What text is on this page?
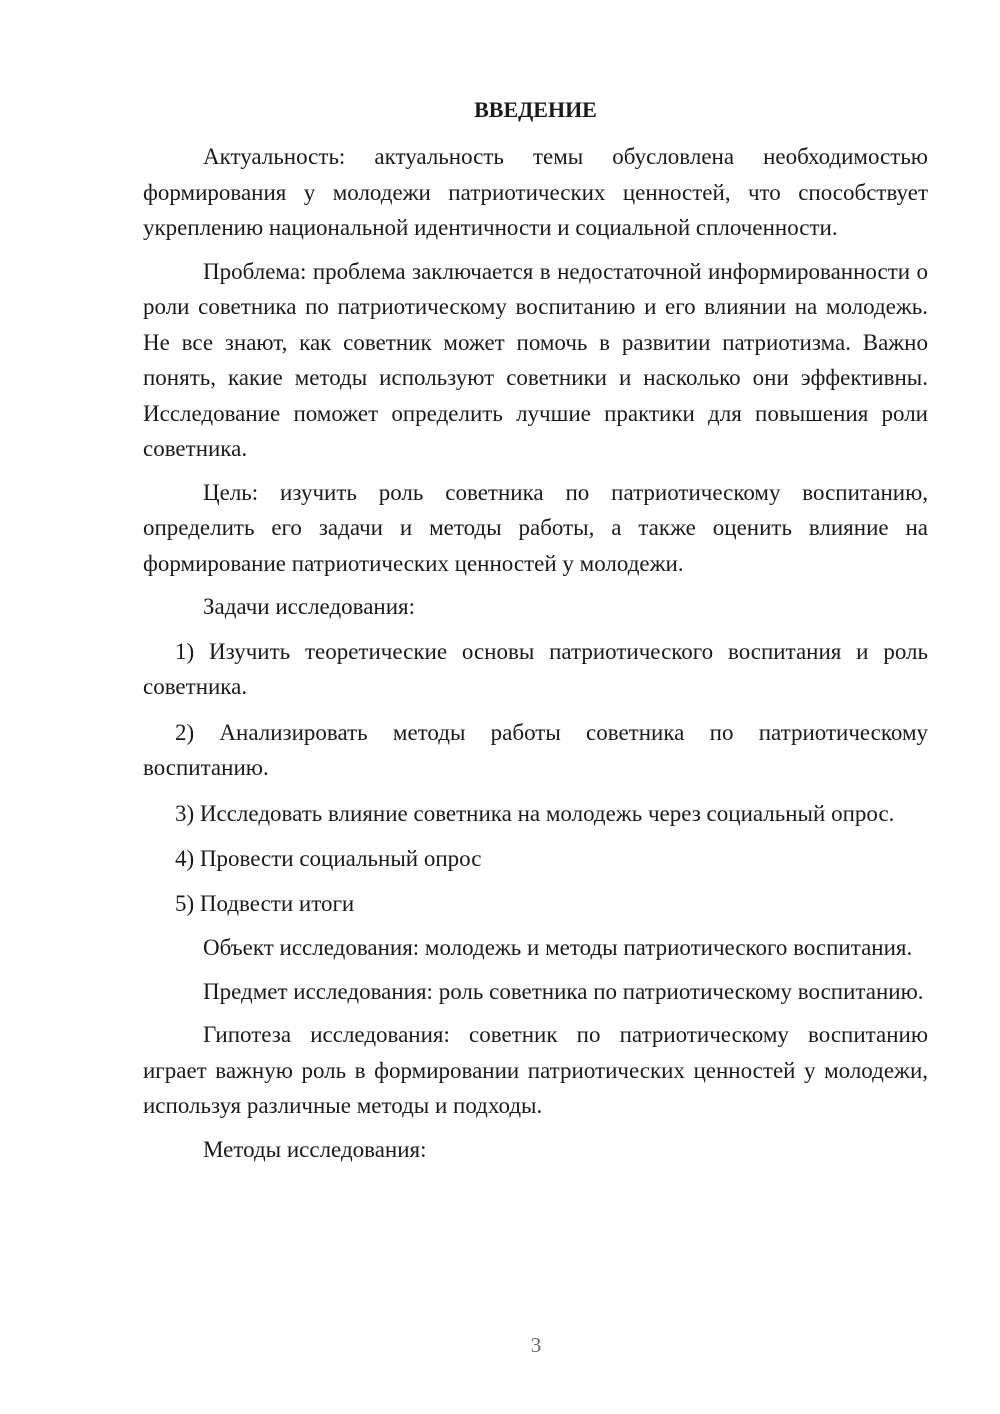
ВВЕДЕНИЕ

Актуальность: актуальность темы обусловлена необходимостью формирования у молодежи патриотических ценностей, что способствует укреплению национальной идентичности и социальной сплоченности.

Проблема: проблема заключается в недостаточной информированности о роли советника по патриотическому воспитанию и его влиянии на молодежь. Не все знают, как советник может помочь в развитии патриотизма. Важно понять, какие методы используют советники и насколько они эффективны. Исследование поможет определить лучшие практики для повышения роли советника.

Цель: изучить роль советника по патриотическому воспитанию, определить его задачи и методы работы, а также оценить влияние на формирование патриотических ценностей у молодежи.

Задачи исследования:

1) Изучить теоретические основы патриотического воспитания и роль советника.

2) Анализировать методы работы советника по патриотическому воспитанию.

3) Исследовать влияние советника на молодежь через социальный опрос.

4) Провести социальный опрос

5) Подвести итоги

Объект исследования: молодежь и методы патриотического воспитания.

Предмет исследования: роль советника по патриотическому воспитанию.

Гипотеза исследования: советник по патриотическому воспитанию играет важную роль в формировании патриотических ценностей у молодежи, используя различные методы и подходы.

Методы исследования:

3
